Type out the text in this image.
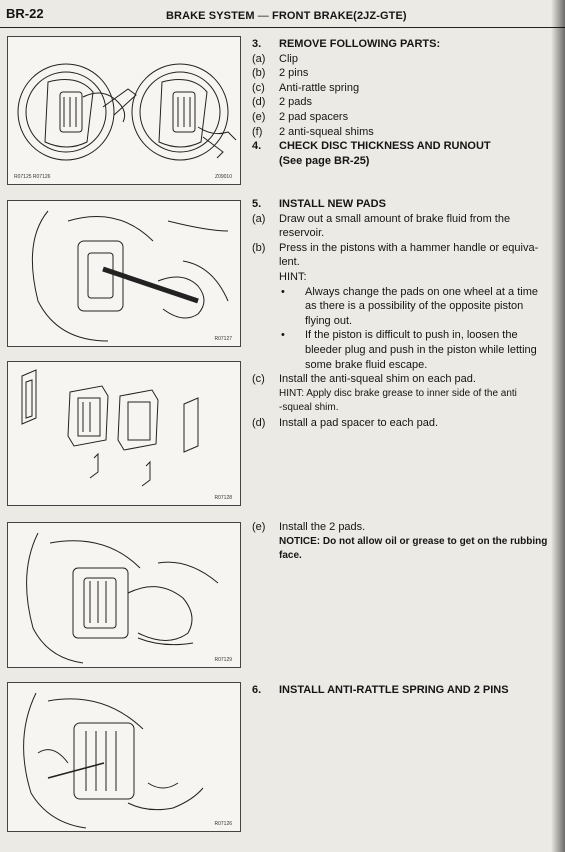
BR-22	BRAKE SYSTEM — FRONT BRAKE(2JZ-GTE)
R07125 R07126	Z09010
R07127
R07128
R07129
R07126
3. REMOVE FOLLOWING PARTS:
(a) Clip
(b) 2 pins
(c) Anti-rattle spring
(d) 2 pads
(e) 2 pad spacers
(f) 2 anti-squeal shims
4. CHECK DISC THICKNESS AND RUNOUT
(See page BR-25)
5. INSTALL NEW PADS
(a) Draw out a small amount of brake fluid from the
reservoir.
(b) Press in the pistons with a hammer handle or equiva-
lent.
HINT:
• Always change the pads on one wheel at a time
as there is a possibility of the opposite piston
flying out.
• If the piston is difficult to push in, loosen the
bleeder plug and push in the piston while letting
some brake fluid escape.
(c) Install the anti-squeal shim on each pad.
HINT: Apply disc brake grease to inner side of the anti
-squeal shim.
(d) Install a pad spacer to each pad.
(e) Install the 2 pads.
NOTICE: Do not allow oil or grease to get on the rubbing
face.
6. INSTALL ANTI-RATTLE SPRING AND 2 PINS
